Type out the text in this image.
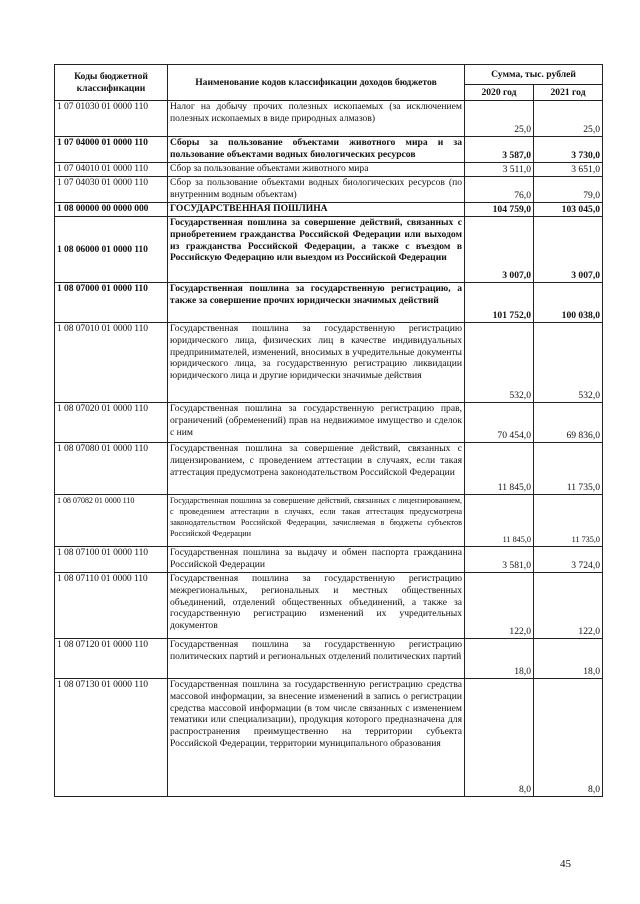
Коды бюджетной классификации	Наименование кодов классификации доходов бюджетов	Сумма, тыс. рублей	
		2020 год	2021 год
1 07 01030 01 0000 110	Налог на добычу прочих полезных ископаемых (за исключением полезных ископаемых в виде природных алмазов)	25,0	25,0
1 07 04000 01 0000 110	Сборы за пользование объектами животного мира и за пользование объектами водных биологических ресурсов	3 587,0	3 730,0
1 07 04010 01 0000 110	Сбор за пользование объектами животного мира	3 511,0	3 651,0
1 07 04030 01 0000 110	Сбор за пользование объектами водных биологических ресурсов (по внутренним водным объектам)	76,0	79,0
1 08 00000 00 0000 000	ГОСУДАРСТВЕННАЯ ПОШЛИНА	104 759,0	103 045,0
1 08 06000 01 0000 110	Государственная пошлина за совершение действий, связанных с приобретением гражданства Российской Федерации или выходом из гражданства Российской Федерации, а также с въездом в Российскую Федерацию или выездом из Российской Федерации	3 007,0	3 007,0
1 08 07000 01 0000 110	Государственная пошлина за государственную регистрацию, а также за совершение прочих юридически значимых действий	101 752,0	100 038,0
1 08 07010 01 0000 110	Государственная пошлина за государственную регистрацию юридического лица, физических лиц в качестве индивидуальных предпринимателей, изменений, вносимых в учредительные документы юридического лица, за государственную регистрацию ликвидации юридического лица и другие юридически значимые действия	532,0	532,0
1 08 07020 01 0000 110	Государственная пошлина за государственную регистрацию прав, ограничений (обременений) прав на недвижимое имущество и сделок с ним	70 454,0	69 836,0
1 08 07080 01 0000 110	Государственная пошлина за совершение действий, связанных с лицензированием, с проведением аттестации в случаях, если такая аттестация предусмотрена законодательством Российской Федерации	11 845,0	11 735,0
1 08 07082 01 0000 110	Государственная пошлина за совершение действий, связанных с лицензированием, с проведением аттестации в случаях, если такая аттестация предусмотрена законодательством Российской Федерации, зачисляемая в бюджеты субъектов Российской Федерации	11 845,0	11 735,0
1 08 07100 01 0000 110	Государственная пошлина за выдачу и обмен паспорта гражданина Российской Федерации	3 581,0	3 724,0
1 08 07110 01 0000 110	Государственная пошлина за государственную регистрацию межрегиональных, региональных и местных общественных объединений, отделений общественных объединений, а также за государственную регистрацию изменений их учредительных документов	122,0	122,0
1 08 07120 01 0000 110	Государственная пошлина за государственную регистрацию политических партий и региональных отделений политических партий	18,0	18,0
1 08 07130 01 0000 110	Государственная пошлина за государственную регистрацию средства массовой информации, за внесение изменений в запись о регистрации средства массовой информации (в том числе связанных с изменением тематики или специализации), продукция которого предназначена для распространения преимущественно на территории субъекта Российской Федерации, территории муниципального образования	8,0	8,0
45
